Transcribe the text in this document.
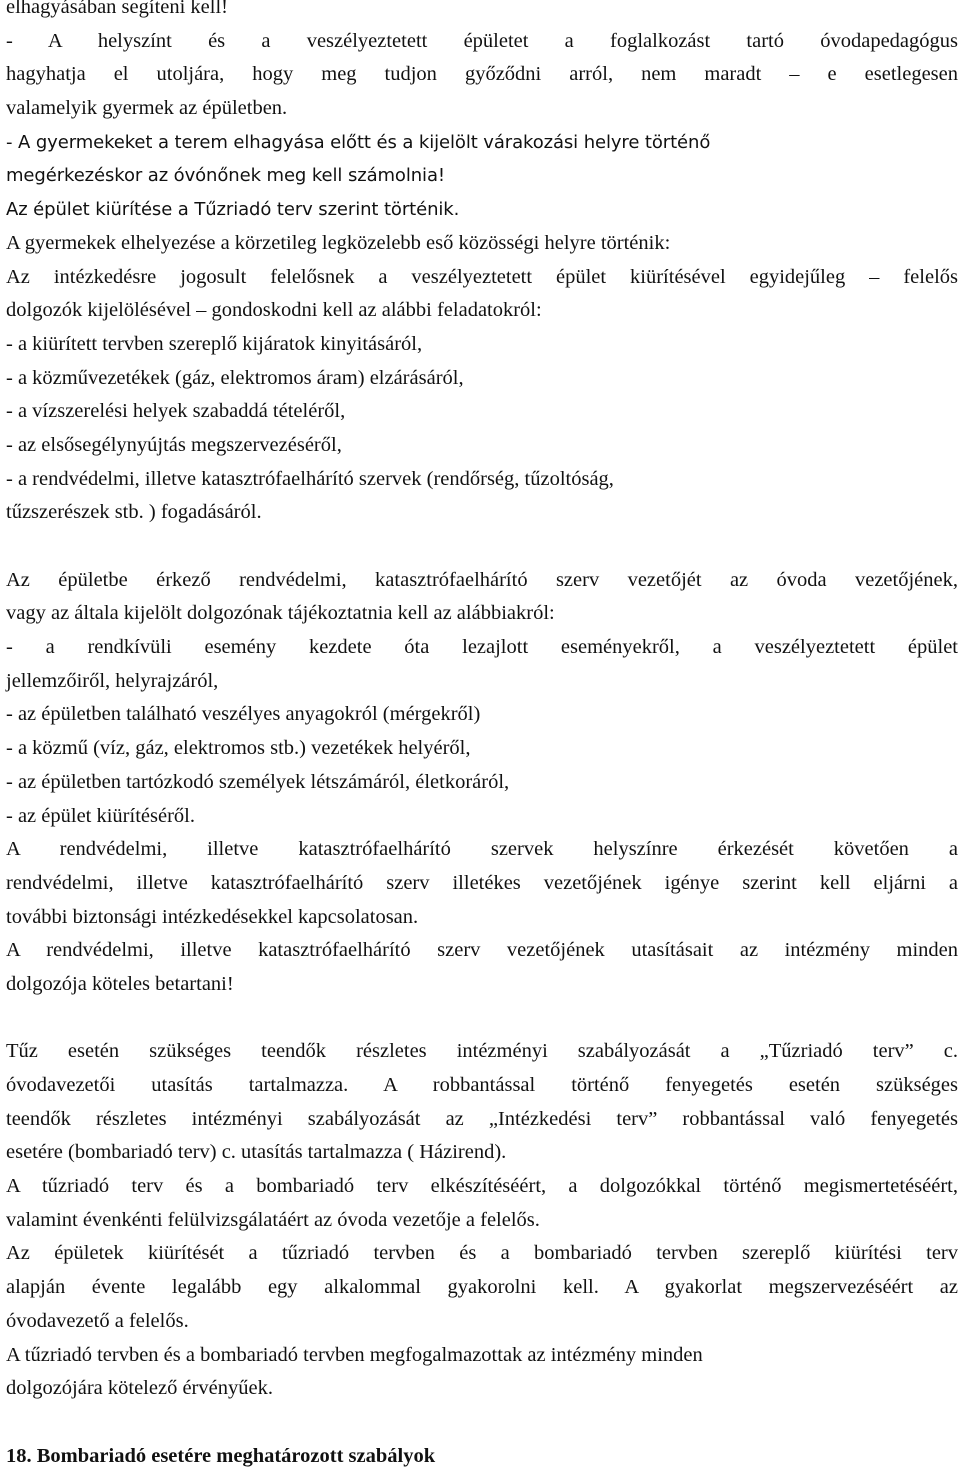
elhagyásában segíteni kell!
- A helyszínt és a veszélyeztetett épületet a foglalkozást tartó óvodapedagógus
hagyhatja el utoljára, hogy meg tudjon győződni arról, nem maradt – e esetlegesen
valamelyik gyermek az épületben.
- A gyermekeket a terem elhagyása előtt és a kijelölt várakozási helyre történő
megérkezéskor az óvónőnek meg kell számolnia!
Az épület kiürítése a Tűzriadó terv szerint történik.
A gyermekek elhelyezése a körzetileg legközelebb eső közösségi helyre történik:
Az intézkedésre jogosult felelősnek a veszélyeztetett épület kiürítésével egyidejűleg – felelős
dolgozók kijelölésével – gondoskodni kell az alábbi feladatokról:
- a kiürített tervben szereplő kijáratok kinyitásáról,
- a közművezetékek (gáz, elektromos áram) elzárásáról,
- a vízszerelési helyek szabaddá tételéről,
- az elsősegélynyújtás megszervezéséről,
- a rendvédelmi, illetve katasztrófaelhárító szervek (rendőrség, tűzoltóság,
tűzszerészek stb. ) fogadásáról.
Az épületbe érkező rendvédelmi, katasztrófaelhárító szerv vezetőjét az óvoda vezetőjének,
vagy az általa kijelölt dolgozónak tájékoztatnia kell az alábbiakról:
- a rendkívüli esemény kezdete óta lezajlott eseményekről, a veszélyeztetett épület
jellemzőiről, helyrajzáról,
- az épületben található veszélyes anyagokról (mérgekről)
- a közmű (víz, gáz, elektromos stb.) vezetékek helyéről,
- az épületben tartózkodó személyek létszámáról, életkoráról,
- az épület kiürítéséről.
A rendvédelmi, illetve katasztrófaelhárító szervek helyszínre érkezését követően a
rendvédelmi, illetve katasztrófaelhárító szerv illetékes vezetőjének igénye szerint kell eljárni a
további biztonsági intézkedésekkel kapcsolatosan.
A rendvédelmi, illetve katasztrófaelhárító szerv vezetőjének utasításait az intézmény minden
dolgozója köteles betartani!
Tűz esetén szükséges teendők részletes intézményi szabályozását a „Tűzriadó terv” c.
óvodavezetői utasítás tartalmazza. A robbantással történő fenyegetés esetén szükséges
teendők részletes intézményi szabályozását az „Intézkedési terv” robbantással való fenyegetés
esetére (bombariadó terv) c. utasítás tartalmazza ( Házirend).
A tűzriadó terv és a bombariadó terv elkészítéséért, a dolgozókkal történő megismertetéséért,
valamint évenkénti felülvizsgálatáért az óvoda vezetője a felelős.
Az épületek kiürítését a tűzriadó tervben és a bombariadó tervben szereplő kiürítési terv
alapján évente legalább egy alkalommal gyakorolni kell. A gyakorlat megszervezéséért az
óvodavezető a felelős.
A tűzriadó tervben és a bombariadó tervben megfogalmazottak az intézmény minden
dolgozójára kötelező érvényűek.
18. Bombariadó esetére meghatározott szabályok
